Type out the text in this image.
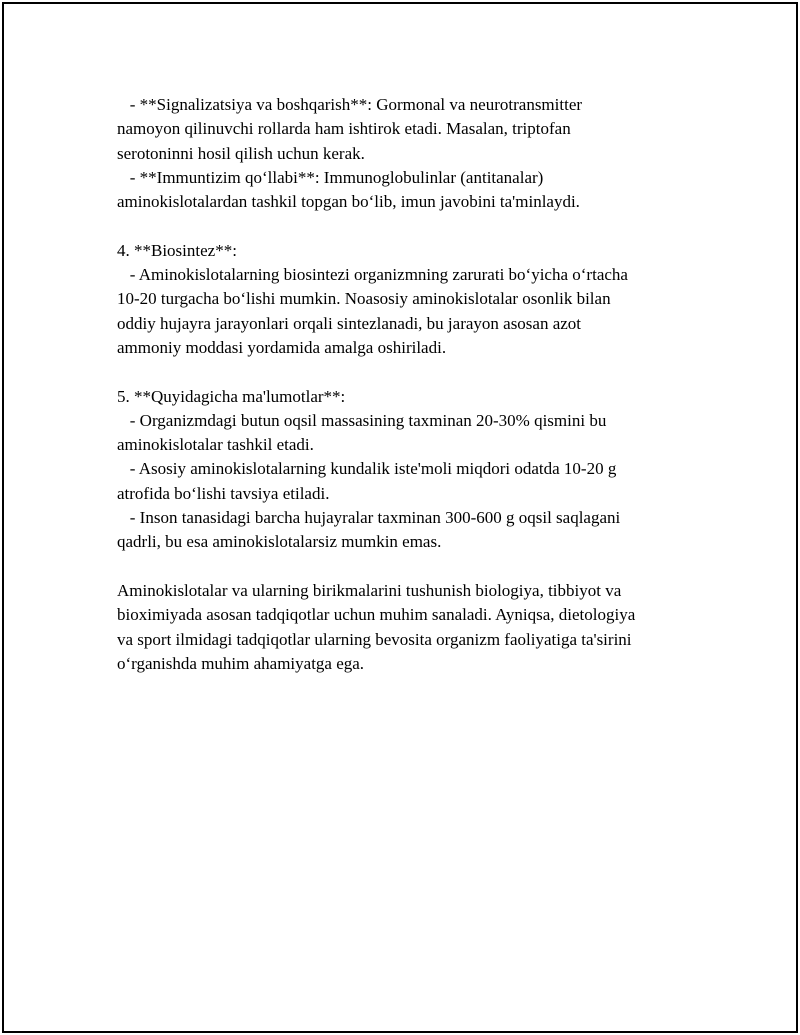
- **Signalizatsiya va boshqarish**: Gormonal va neurotransmitter
namoyon qilinuvchi rollarda ham ishtirok etadi. Masalan, triptofan
serotoninni hosil qilish uchun kerak.
- **Immuntizim qo‘llabi**: Immunoglobulinlar (antitanalar)
aminokislotalardan tashkil topgan bo‘lib, imun javobini ta'minlaydi.
4. **Biosintez**:
- Aminokislotalarning biosintezi organizmning zarurati bo‘yicha o‘rtacha
10-20 turgacha bo‘lishi mumkin. Noasosiy aminokislotalar osonlik bilan
oddiy hujayra jarayonlari orqali sintezlanadi, bu jarayon asosan azot
ammoniy moddasi yordamida amalga oshiriladi.
5. **Quyidagicha ma'lumotlar**:
- Organizmdagi butun oqsil massasining taxminan 20-30% qismini bu
aminokislotalar tashkil etadi.
- Asosiy aminokislotalarning kundalik iste'moli miqdori odatda 10-20 g
atrofida bo‘lishi tavsiya etiladi.
- Inson tanasidagi barcha hujayralar taxminan 300-600 g oqsil saqlagani
qadrli, bu esa aminokislotalarsiz mumkin emas.
Aminokislotalar va ularning birikmalarini tushunish biologiya, tibbiyot va
bioximiyada asosan tadqiqotlar uchun muhim sanaladi. Ayniqsa, dietologiya
va sport ilmidagi tadqiqotlar ularning bevosita organizm faoliyatiga ta'sirini
o‘rganishda muhim ahamiyatga ega.
